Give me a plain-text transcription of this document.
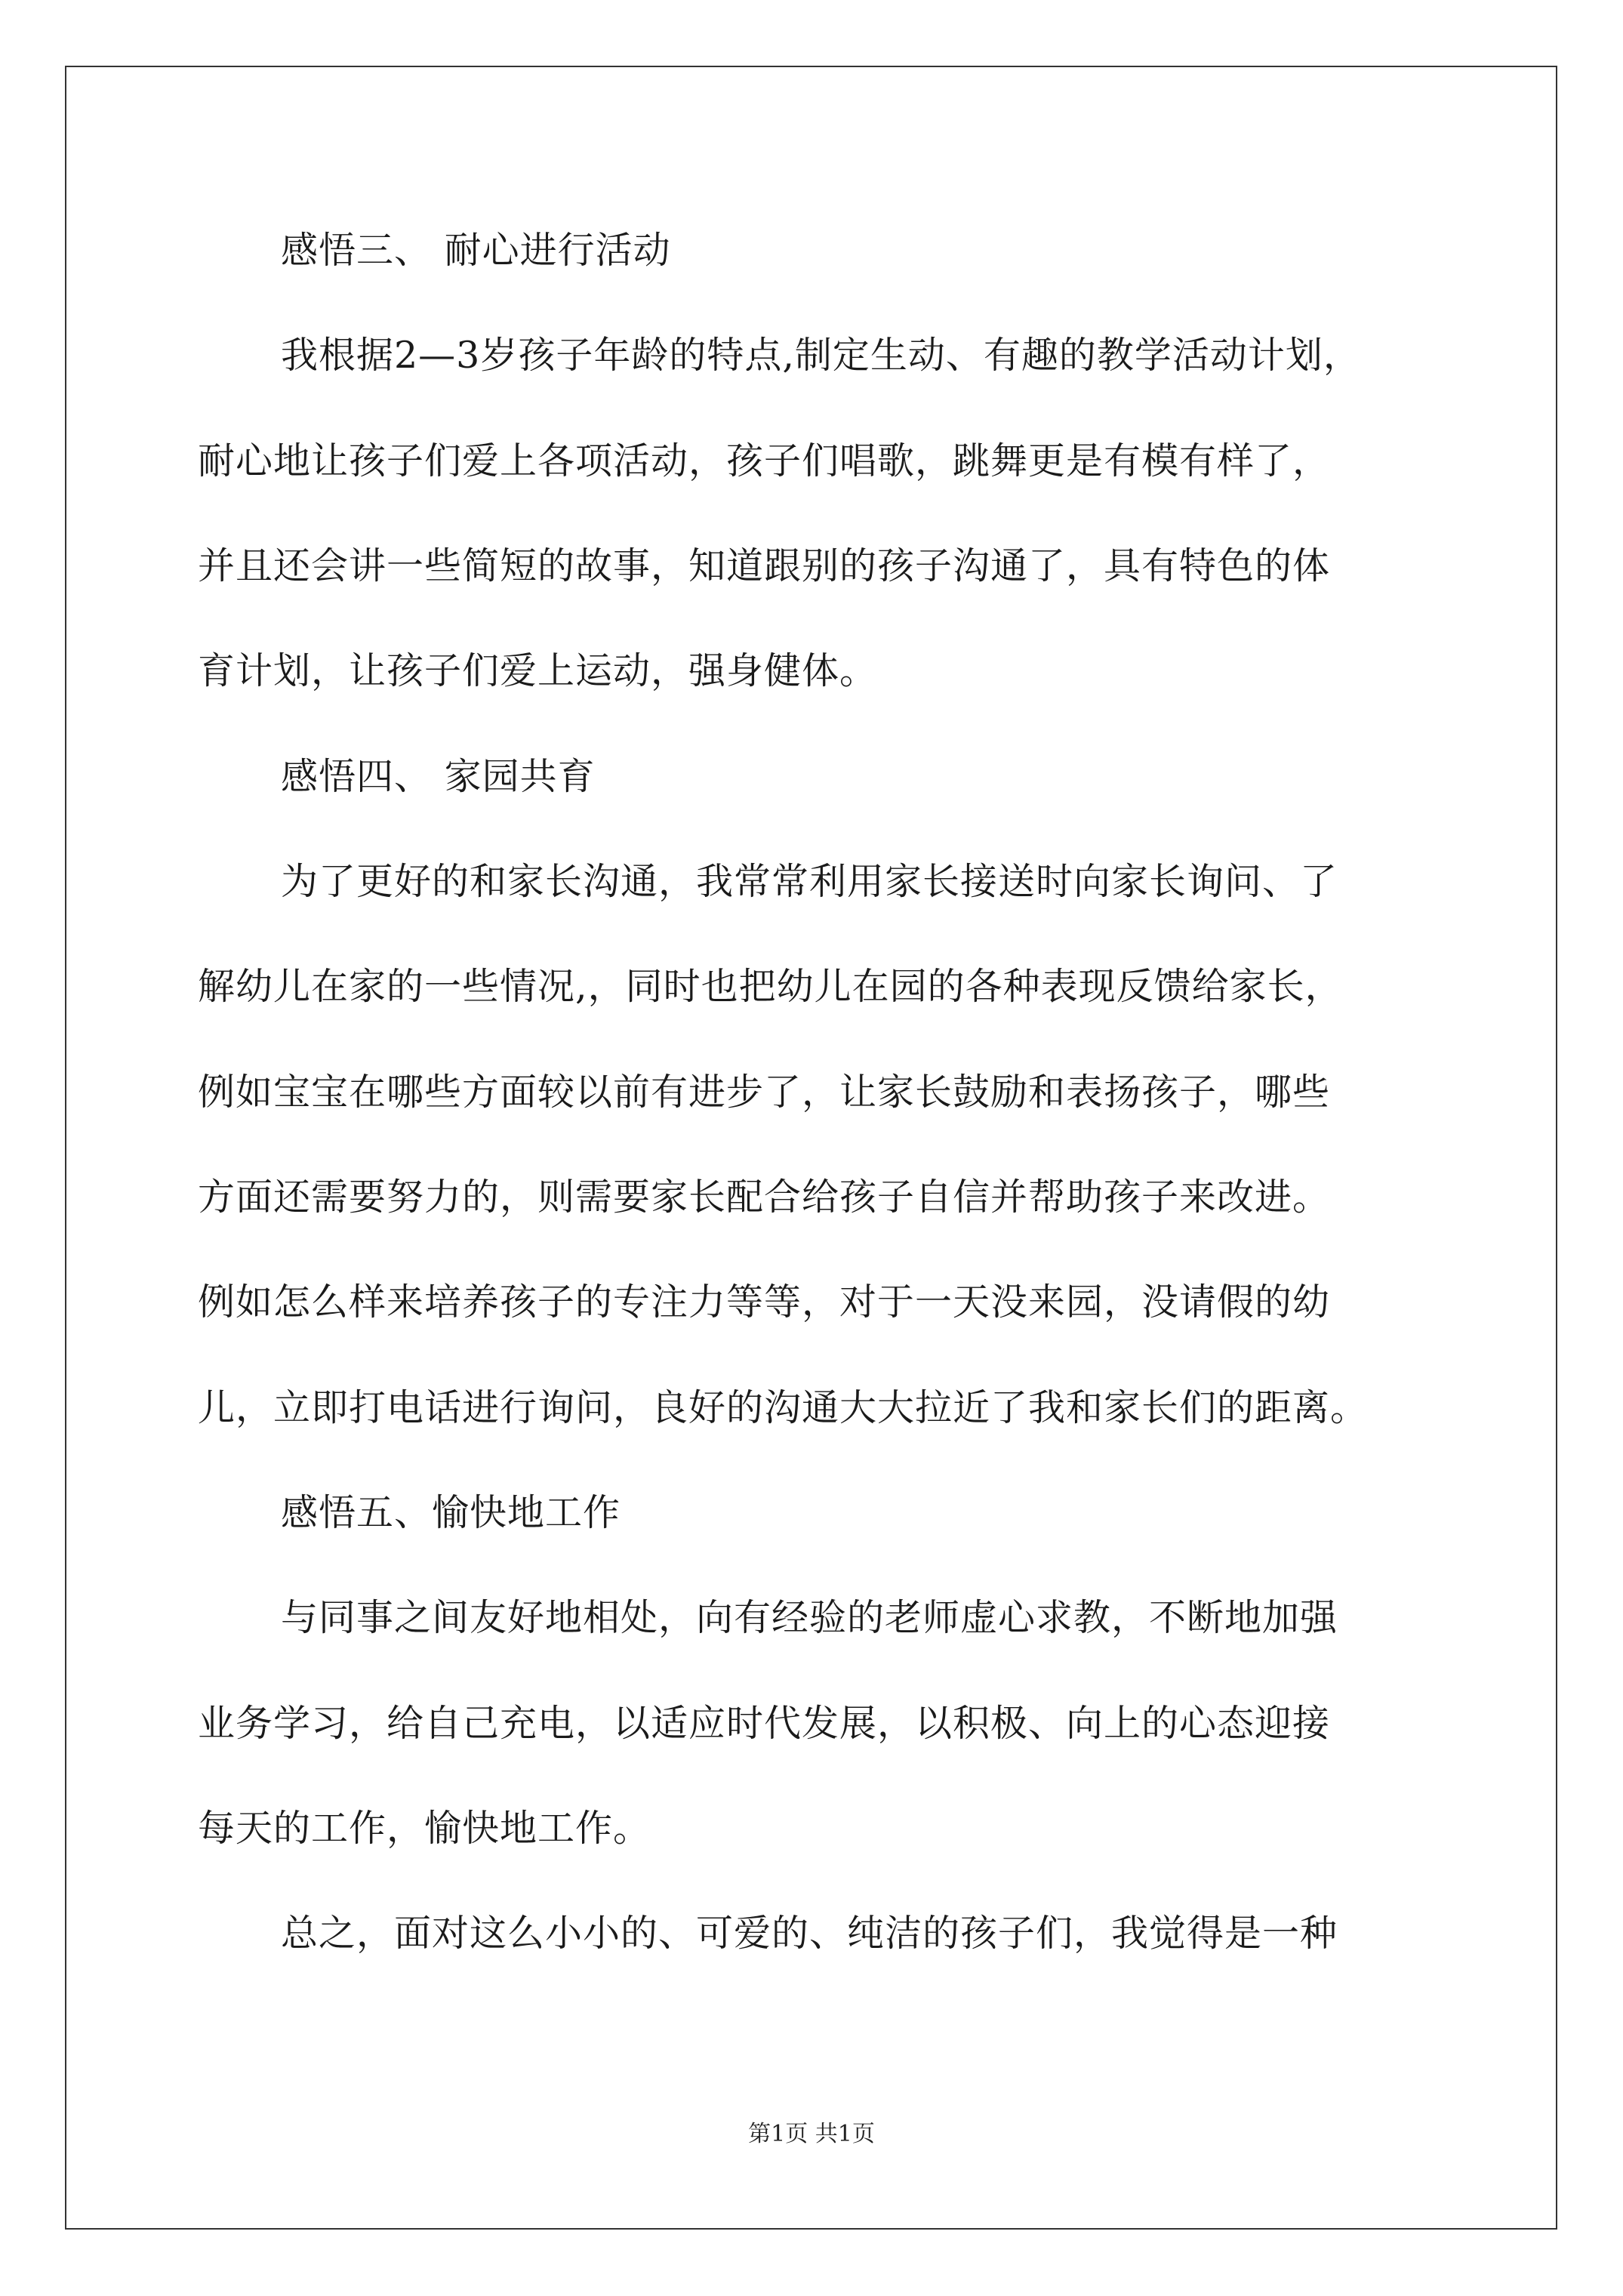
感悟三、 耐心进行活动
我根据2—3岁孩子年龄的特点,制定生动、有趣的教学活动计划，
耐心地让孩子们爱上各项活动，孩子们唱歌，跳舞更是有模有样了，
并且还会讲一些简短的故事，知道跟别的孩子沟通了，具有特色的体
育计划，让孩子们爱上运动，强身健体。
感悟四、 家园共育
为了更好的和家长沟通，我常常利用家长接送时向家长询问、了
解幼儿在家的一些情况,，同时也把幼儿在园的各种表现反馈给家长，
例如宝宝在哪些方面较以前有进步了，让家长鼓励和表扬孩子，哪些
方面还需要努力的，则需要家长配合给孩子自信并帮助孩子来改进。
例如怎么样来培养孩子的专注力等等，对于一天没来园，没请假的幼
儿，立即打电话进行询问，良好的沟通大大拉近了我和家长们的距离。
感悟五、愉快地工作
与同事之间友好地相处，向有经验的老师虚心求教，不断地加强
业务学习，给自己充电，以适应时代发展，以积极、向上的心态迎接
每天的工作，愉快地工作。
总之，面对这么小小的、可爱的、纯洁的孩子们，我觉得是一种
第1页 共1页
